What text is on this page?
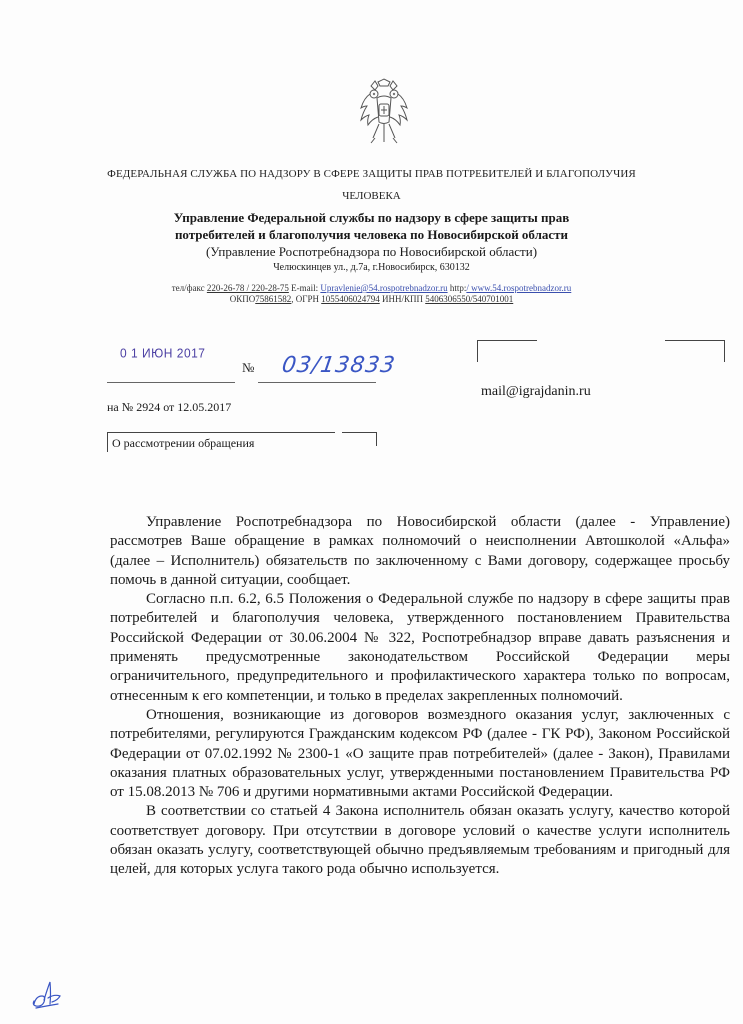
ФЕДЕРАЛЬНАЯ СЛУЖБА ПО НАДЗОРУ В СФЕРЕ ЗАЩИТЫ ПРАВ ПОТРЕБИТЕЛЕЙ И БЛАГОПОЛУЧИЯ
ЧЕЛОВЕКА
Управление Федеральной службы по надзору в сфере защиты прав
потребителей и благополучия человека по Новосибирской области
(Управление Роспотребнадзора по Новосибирской области)
Челюскинцев ул., д.7а, г.Новосибирск, 630132
тел/факс 220-26-78 / 220-28-75 E-mail: Upravlenie@54.rospotrebnadzor.ru http:/ www.54.rospotrebnadzor.ru
ОКПО75861582, ОГРН 1055406024794 ИНН/КПП 5406306550/540701001
0 1 ИЮН 2017
№ 03/13833
на № 2924 от 12.05.2017
mail@igrajdanin.ru
О рассмотрении обращения

Управление Роспотребнадзора по Новосибирской области (далее - Управление) рассмотрев Ваше обращение в рамках полномочий о неисполнении Автошколой «Альфа» (далее – Исполнитель) обязательств по заключенному с Вами договору, содержащее просьбу помочь в данной ситуации, сообщает.

Согласно п.п. 6.2, 6.5 Положения о Федеральной службе по надзору в сфере защиты прав потребителей и благополучия человека, утвержденного постановлением Правительства Российской Федерации от 30.06.2004 № 322, Роспотребнадзор вправе давать разъяснения и применять предусмотренные законодательством Российской Федерации меры ограничительного, предупредительного и профилактического характера только по вопросам, отнесенным к его компетенции, и только в пределах закрепленных полномочий.

Отношения, возникающие из договоров возмездного оказания услуг, заключенных с потребителями, регулируются Гражданским кодексом РФ (далее - ГК РФ), Законом Российской Федерации от 07.02.1992 № 2300-1 «О защите прав потребителей» (далее - Закон), Правилами оказания платных образовательных услуг, утвержденными постановлением Правительства РФ от 15.08.2013 № 706 и другими нормативными актами Российской Федерации.

В соответствии со статьей 4 Закона исполнитель обязан оказать услугу, качество которой соответствует договору. При отсутствии в договоре условий о качестве услуги исполнитель обязан оказать услугу, соответствующей обычно предъявляемым требованиям и пригодный для целей, для которых услуга такого рода обычно используется.
